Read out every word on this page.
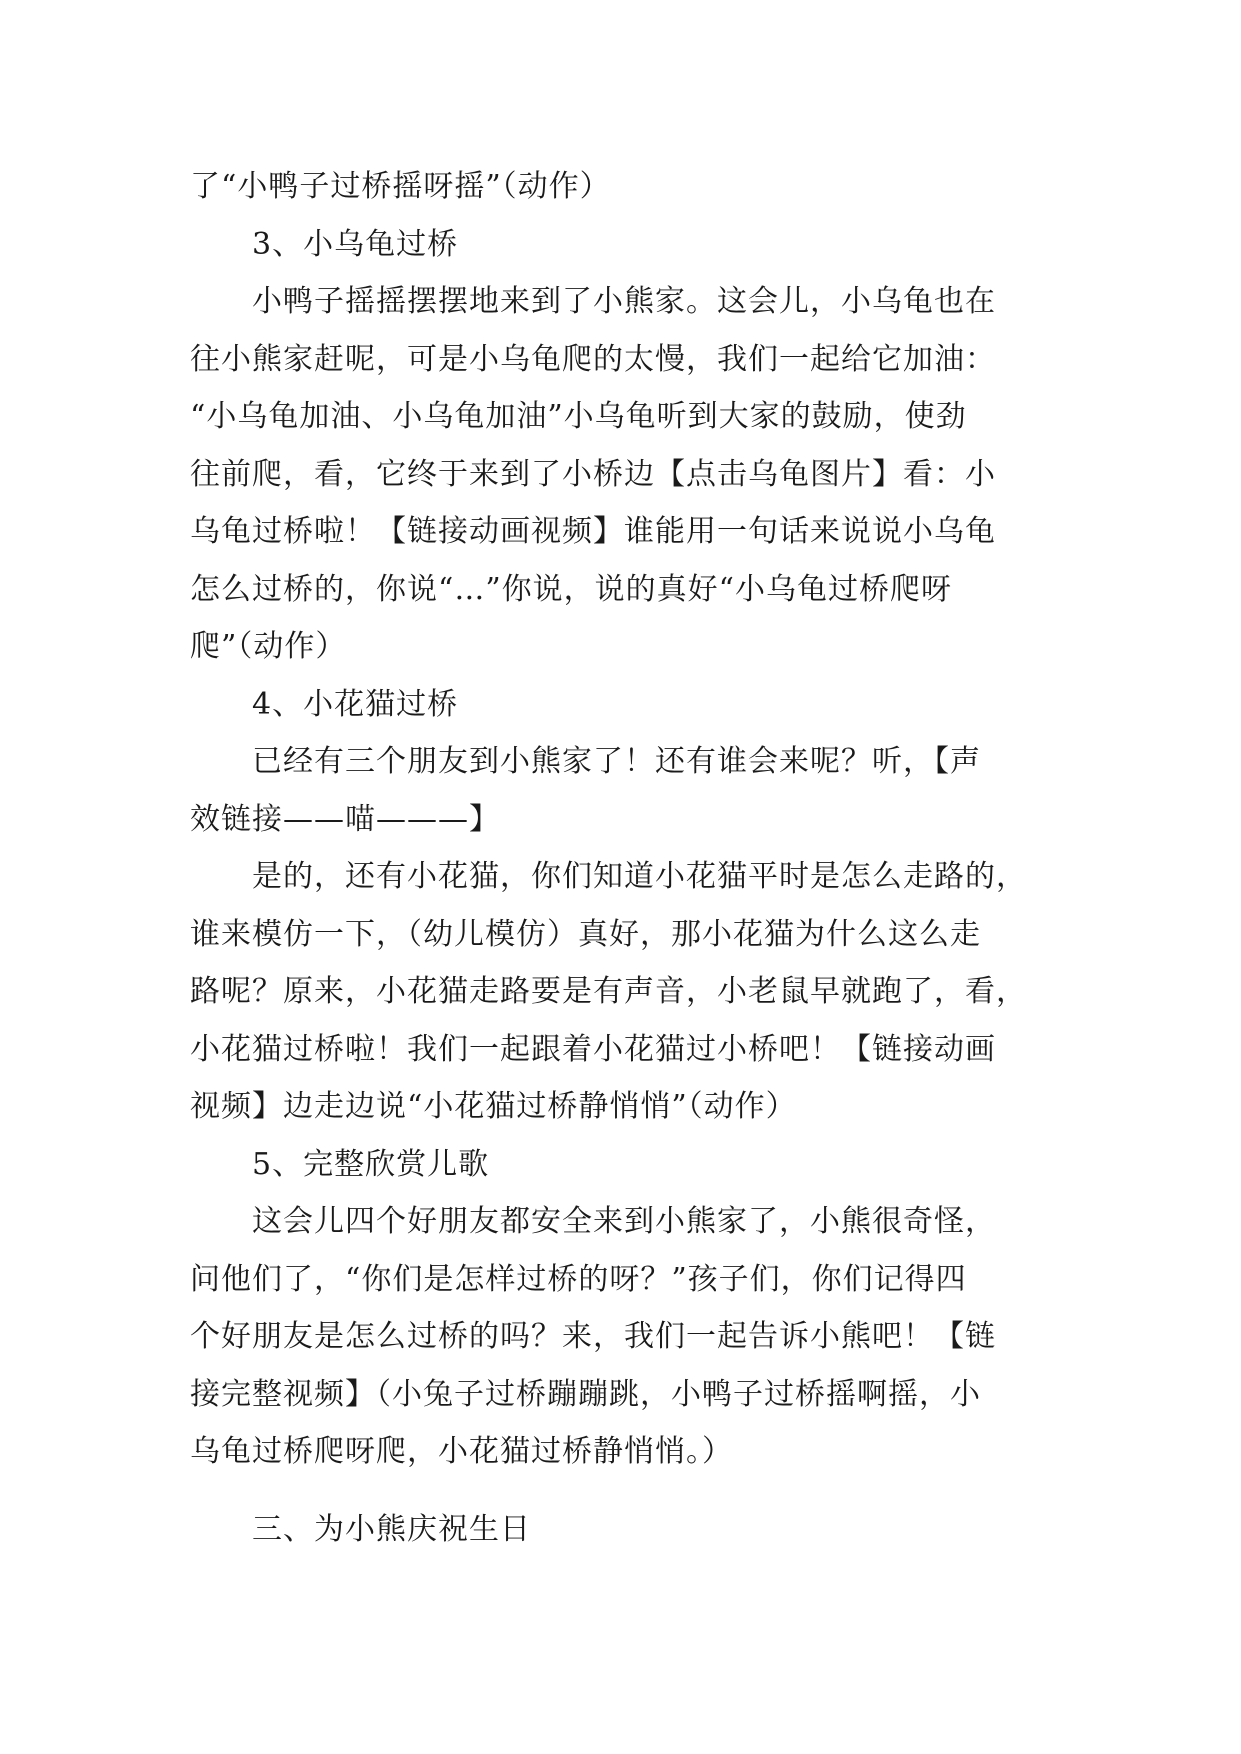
了“小鸭子过桥摇呀摇”（动作）
3、小乌龟过桥
小鸭子摇摇摆摆地来到了小熊家。这会儿，小乌龟也在
往小熊家赶呢，可是小乌龟爬的太慢，我们一起给它加油：
“小乌龟加油、小乌龟加油”小乌龟听到大家的鼓励，使劲
往前爬，看，它终于来到了小桥边【点击乌龟图片】看：小
乌龟过桥啦！【链接动画视频】谁能用一句话来说说小乌龟
怎么过桥的，你说“…”你说，说的真好“小乌龟过桥爬呀
爬”（动作）
4、小花猫过桥
已经有三个朋友到小熊家了！还有谁会来呢？听，【声
效链接——喵———】
是的，还有小花猫，你们知道小花猫平时是怎么走路的，
谁来模仿一下，（幼儿模仿）真好，那小花猫为什么这么走
路呢？原来，小花猫走路要是有声音，小老鼠早就跑了，看，
小花猫过桥啦！我们一起跟着小花猫过小桥吧！【链接动画
视频】边走边说“小花猫过桥静悄悄”（动作）
5、完整欣赏儿歌
这会儿四个好朋友都安全来到小熊家了，小熊很奇怪，
问他们了，“你们是怎样过桥的呀？”孩子们，你们记得四
个好朋友是怎么过桥的吗？来，我们一起告诉小熊吧！【链
接完整视频】（小兔子过桥蹦蹦跳，小鸭子过桥摇啊摇，小
乌龟过桥爬呀爬，小花猫过桥静悄悄。）
三、为小熊庆祝生日
